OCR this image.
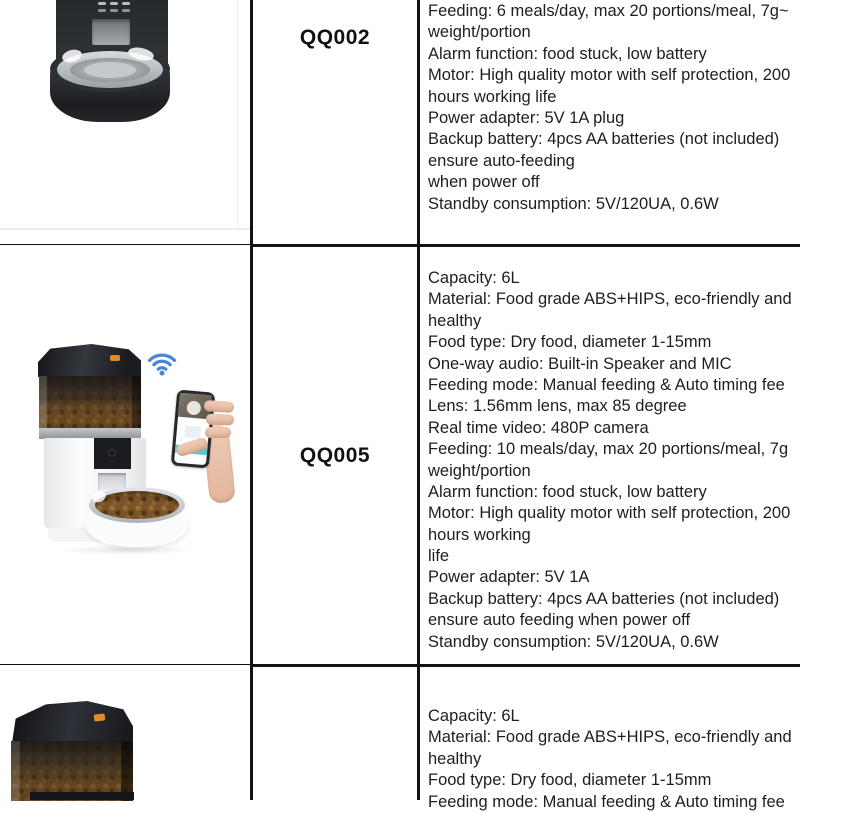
QQ002
Feeding: 6 meals/day, max 20 portions/meal, 7g~
weight/portion
Alarm function: food stuck, low battery
Motor: High quality motor with self protection, 200
hours working life
Power adapter: 5V 1A plug
Backup battery: 4pcs AA batteries (not included)
ensure auto-feeding
when power off
Standby consumption: 5V/120UA, 0.6W
QQ005
Capacity: 6L
Material: Food grade ABS+HIPS, eco-friendly and
healthy
Food type: Dry food, diameter 1-15mm
One-way audio: Built-in Speaker and MIC
Feeding mode: Manual feeding & Auto timing fee
Lens: 1.56mm lens, max 85 degree
Real time video: 480P camera
Feeding: 10 meals/day, max 20 portions/meal, 7g
weight/portion
Alarm function: food stuck, low battery
Motor: High quality motor with self protection, 200
hours working
life
Power adapter: 5V 1A
Backup battery: 4pcs AA batteries (not included)
ensure auto feeding when power off
Standby consumption: 5V/120UA, 0.6W
Capacity: 6L
Material: Food grade ABS+HIPS, eco-friendly and
healthy
Food type: Dry food, diameter 1-15mm
Feeding mode: Manual feeding & Auto timing fee
